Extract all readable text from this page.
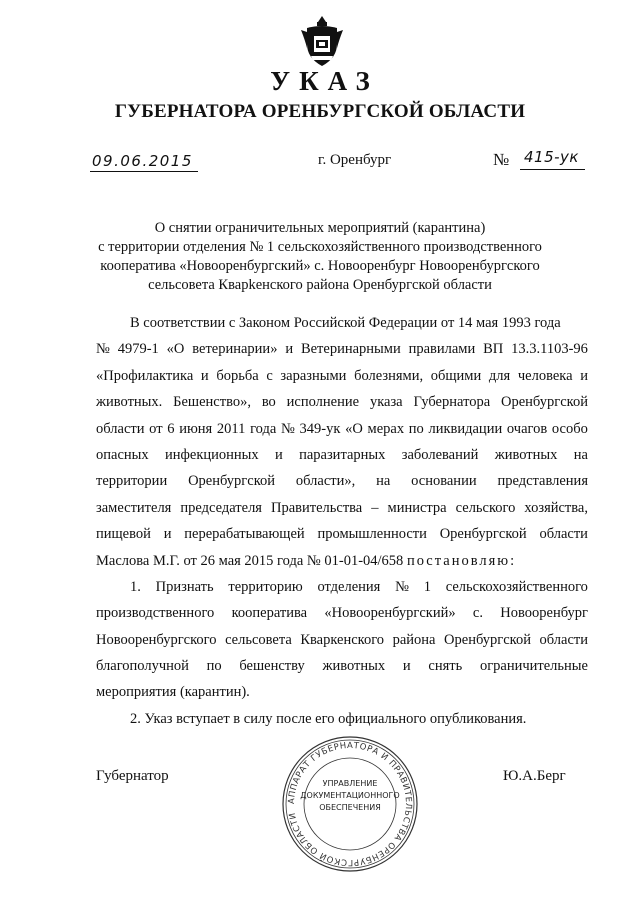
УКАЗ
ГУБЕРНАТОРА ОРЕНБУРГСКОЙ ОБЛАСТИ
09.06.2015	г. Оренбург	№ 415-ук
О снятии ограничительных мероприятий (карантина)
с территории отделения № 1 сельскохозяйственного производственного
кооператива «Новооренбургский» с. Новооренбург Новооренбургского
сельсовета Кварkенского района Оренбургской области
В соответствии с Законом Российской Федерации от 14 мая 1993 года
№ 4979-1 «О ветеринарии» и Ветеринарными правилами ВП 13.3.1103-96
«Профилактика и борьба с заразными болезнями, общими для человека и
животных. Бешенство», во исполнение указа Губернатора Оренбургской
области от 6 июня 2011 года № 349-ук «О мерах по ликвидации очагов особо
опасных инфекционных и паразитарных заболеваний животных на
территории Оренбургской области», на основании представления
заместителя председателя Правительства – министра сельского хозяйства,
пищевой и перерабатывающей промышленности Оренбургской области
Маслова М.Г. от 26 мая 2015 года № 01-01-04/658 постановляю:
1. Признать территорию отделения № 1 сельскохозяйственного
производственного кооператива «Новооренбургский» с. Новооренбург
Новооренбургского сельсовета Кваркенского района Оренбургской области
благополучной по бешенству животных и снять ограничительные
мероприятия (карантин).
2. Указ вступает в силу после его официального опубликования.
Губернатор	Ю.А.Берг
АППАРАТ ГУБЕРНАТОРА И ПРАВИТЕЛЬСТВА ОРЕНБУРГСКОЙ ОБЛАСТИ
УПРАВЛЕНИЕ
ДОКУМЕНТАЦИОННОГО
ОБЕСПЕЧЕНИЯ
